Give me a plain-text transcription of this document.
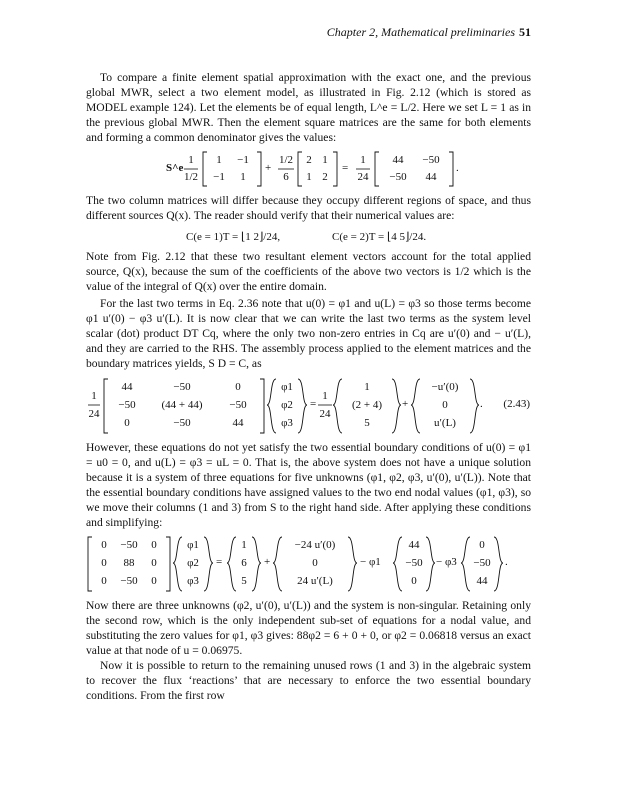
Chapter 2, Mathematical preliminaries 51

To compare a finite element spatial approximation with the exact one, and the previous global MWR, select a two element model, as illustrated in Fig. 2.12 (which is stored as MODEL example 124). Let the elements be of equal length, L^e = L/2. Here we set L = 1 as in the previous global MWR. Then the element square matrices are the same for both elements and forming a common denominator gives the values:

S^e
1
1/2
1	−1
−1	1
+
1/2
6
2 1
1 2
=
1
24
44	−50
−50	44
.

The two column matrices will differ because they occupy different regions of space, and thus different sources Q(x). The reader should verify that their numerical values are:

C(e = 1)T = ⌊1 2⌋/24,	C(e = 2)T = ⌊4 5⌋/24.

Note from Fig. 2.12 that these two resultant element vectors account for the total applied source, Q(x), because the sum of the coefficients of the above two vectors is 1/2 which is the value of the integral of Q(x) over the entire domain.

For the last two terms in Eq. 2.36 note that u(0) = φ1 and u(L) = φ3 so those terms become φ1 u′(0) − φ3 u′(L). It is now clear that we can write the last two terms as the system level scalar (dot) product DT Cq, where the only two non-zero entries in Cq are u′(0) and − u′(L), and they are carried to the RHS. The assembly process applied to the element matrices and the boundary matrices yields, S D = C, as

1
24
44	−50	0
−50	(44 + 44)	−50
0	−50	44
φ1
φ2
φ3
=
1
24
1
(2 + 4)
5
+
−u′(0)
0
u′(L)
.	(2.43)

However, these equations do not yet satisfy the two essential boundary conditions of u(0) = φ1 = u0 = 0, and u(L) = φ3 = uL = 0. That is, the above system does not have a unique solution because it is a system of three equations for five unknowns (φ1, φ2, φ3, u′(0), u′(L)). Note that the essential boundary conditions have assigned values to the two end nodal values (φ1, φ3), so we move their columns (1 and 3) from S to the right hand side. After applying these conditions and simplifying:

0	−50	0
0	88	0
0	−50	0
φ1
φ2
φ3
=
1
6
5
+
−24 u′(0)
0
24 u′(L)
− φ1
44
−50
0
− φ3
0
−50
44
.

Now there are three unknowns (φ2, u′(0), u′(L)) and the system is non-singular. Retaining only the second row, which is the only independent sub-set of equations for a nodal value, and substituting the zero values for φ1, φ3 gives: 88φ2 = 6 + 0 + 0, or φ2 = 0.06818 versus an exact value at that node of u = 0.06975.

Now it is possible to return to the remaining unused rows (1 and 3) in the algebraic system to recover the flux ‘reactions’ that are necessary to enforce the two essential boundary conditions. From the first row
